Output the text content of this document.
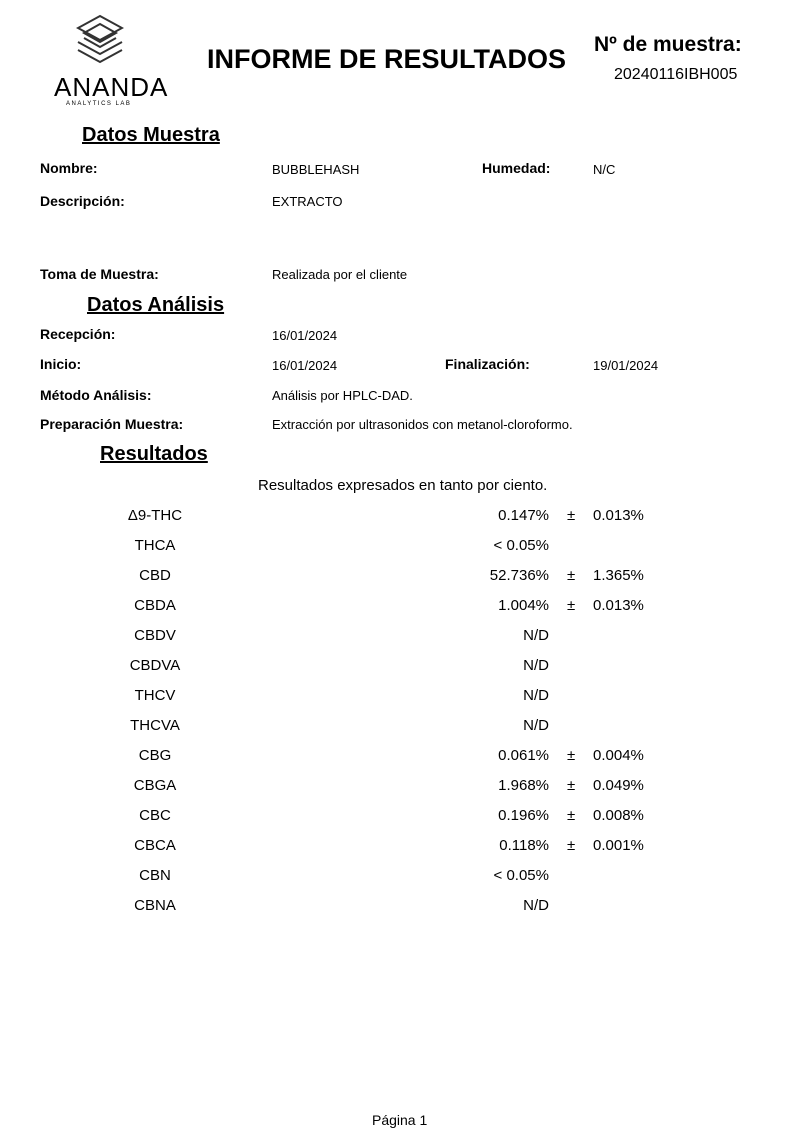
ANANDA
ANALYTICS LAB
INFORME DE RESULTADOS Nº de muestra:
20240116IBH005
Datos Muestra
Nombre:	BUBBLEHASH	Humedad:	N/C
Descripción:	EXTRACTO
Toma de Muestra:	Realizada por el cliente
Datos Análisis
Recepción:	16/01/2024
Inicio:	16/01/2024	Finalización:	19/01/2024
Método Análisis:	Análisis por HPLC-DAD.
Preparación Muestra:	Extracción por ultrasonidos con metanol-cloroformo.
Resultados
Resultados expresados en tanto por ciento.
Δ9-THC	0.147% ± 0.013%
THCA	< 0.05%
CBD	52.736% ± 1.365%
CBDA	1.004% ± 0.013%
CBDV	N/D
CBDVA	N/D
THCV	N/D
THCVA	N/D
CBG	0.061% ± 0.004%
CBGA	1.968% ± 0.049%
CBC	0.196% ± 0.008%
CBCA	0.118% ± 0.001%
CBN	< 0.05%
CBNA	N/D
Página 1
